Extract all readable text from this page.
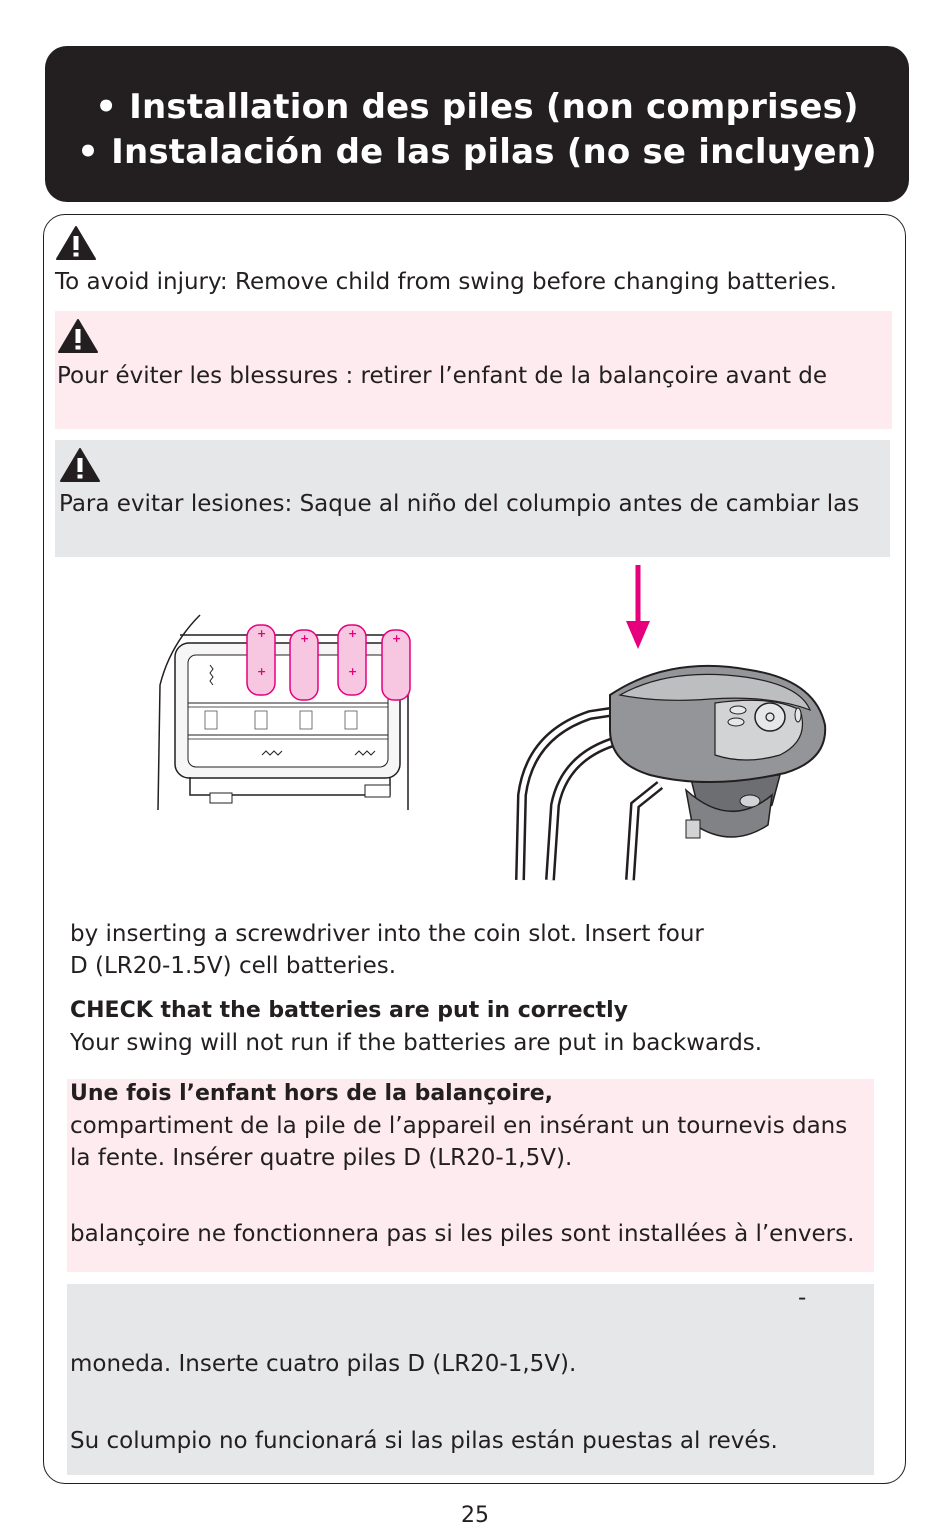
• Installation des piles (non comprises)
• Instalación de las pilas (no se incluyen)
To avoid injury: Remove child from swing before changing batteries.
Pour éviter les blessures : retirer l’enfant de la balançoire avant de
Para evitar lesiones: Saque al niño del columpio antes de cambiar las
+
+
+
+
+
+
by inserting a screwdriver into the coin slot. Insert four
D (LR20-1.5V) cell batteries.
CHECK that the batteries are put in correctly
Your swing will not run if the batteries are put in backwards.
Une fois l’enfant hors de la balançoire,
compartiment de la pile de l’appareil en insérant un tournevis dans
la fente. Insérer quatre piles D (LR20-1,5V).
balançoire ne fonctionnera pas si les piles sont installées à l’envers.
-
moneda. Inserte cuatro pilas D (LR20-1,5V).
Su columpio no funcionará si las pilas están puestas al revés.
25
